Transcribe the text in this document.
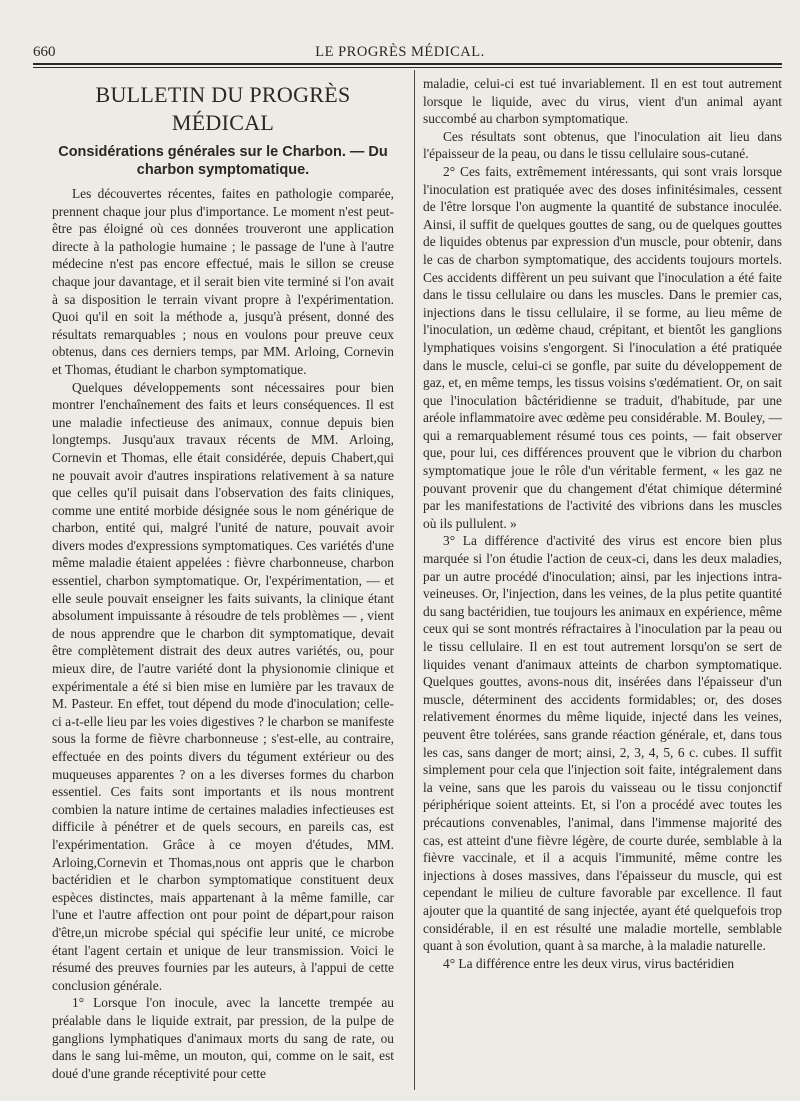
660	LE PROGRÈS MÉDICAL.
BULLETIN DU PROGRÈS MÉDICAL
Considérations générales sur le Charbon. — Du charbon symptomatique.

Les découvertes récentes, faites en pathologie comparée, prennent chaque jour plus d'importance. Le moment n'est peut-être pas éloigné où ces données trouveront une application directe à la pathologie humaine ; le passage de l'une à l'autre médecine n'est pas encore effectué, mais le sillon se creuse chaque jour davantage, et il serait bien vite terminé si l'on avait à sa disposition le terrain vivant propre à l'expérimentation. Quoi qu'il en soit la méthode a, jusqu'à présent, donné des résultats remarquables ; nous en voulons pour preuve ceux obtenus, dans ces derniers temps, par MM. Arloing, Cornevin et Thomas, étudiant le charbon symptomatique.

Quelques développements sont nécessaires pour bien montrer l'enchaînement des faits et leurs conséquences. Il est une maladie infectieuse des animaux, connue depuis bien longtemps. Jusqu'aux travaux récents de MM. Arloing, Cornevin et Thomas, elle était considérée, depuis Chabert,qui ne pouvait avoir d'autres inspirations relativement à sa nature que celles qu'il puisait dans l'observation des faits cliniques, comme une entité morbide désignée sous le nom générique de charbon, entité qui, malgré l'unité de nature, pouvait avoir divers modes d'expressions symptomatiques. Ces variétés d'une même maladie étaient appelées : fièvre charbonneuse, charbon essentiel, charbon symptomatique. Or, l'expérimentation, — et elle seule pouvait enseigner les faits suivants, la clinique étant absolument impuissante à résoudre de tels problèmes — , vient de nous apprendre que le charbon dit symptomatique, devait être complètement distrait des deux autres variétés, ou, pour mieux dire, de l'autre variété dont la physionomie clinique et expérimentale a été si bien mise en lumière par les travaux de M. Pasteur. En effet, tout dépend du mode d'inoculation; celle-ci a-t-elle lieu par les voies digestives ? le charbon se manifeste sous la forme de fièvre charbonneuse ; s'est-elle, au contraire, effectuée en des points divers du tégument extérieur ou des muqueuses apparentes ? on a les diverses formes du charbon essentiel. Ces faits sont importants et ils nous montrent combien la nature intime de certaines maladies infectieuses est difficile à pénétrer et de quels secours, en pareils cas, est l'expérimentation. Grâce à ce moyen d'études, MM. Arloing,Cornevin et Thomas,nous ont appris que le charbon bactéridien et le charbon symptomatique constituent deux espèces distinctes, mais appartenant à la même famille, car l'une et l'autre affection ont pour point de départ,pour raison d'être,un microbe spécial qui spécifie leur unité, ce microbe étant l'agent certain et unique de leur transmission. Voici le résumé des preuves fournies par les auteurs, à l'appui de cette conclusion générale.

1° Lorsque l'on inocule, avec la lancette trempée au préalable dans le liquide extrait, par pression, de la pulpe de ganglions lymphatiques d'animaux morts du sang de rate, ou dans le sang lui-même, un mouton, qui, comme on le sait, est doué d'une grande réceptivité pour cette

maladie, celui-ci est tué invariablement. Il en est tout autrement lorsque le liquide, avec du virus, vient d'un animal ayant succombé au charbon symptomatique.

Ces résultats sont obtenus, que l'inoculation ait lieu dans l'épaisseur de la peau, ou dans le tissu cellulaire sous-cutané.

2° Ces faits, extrêmement intéressants, qui sont vrais lorsque l'inoculation est pratiquée avec des doses infinitésimales, cessent de l'être lorsque l'on augmente la quantité de substance inoculée. Ainsi, il suffit de quelques gouttes de sang, ou de quelques gouttes de liquides obtenus par expression d'un muscle, pour obtenir, dans le cas de charbon symptomatique, des accidents toujours mortels. Ces accidents diffèrent un peu suivant que l'inoculation a été faite dans le tissu cellulaire ou dans les muscles. Dans le premier cas, injections dans le tissu cellulaire, il se forme, au lieu même de l'inoculation, un œdème chaud, crépitant, et bientôt les ganglions lymphatiques voisins s'engorgent. Si l'inoculation a été pratiquée dans le muscle, celui-ci se gonfle, par suite du développement de gaz, et, en même temps, les tissus voisins s'œdématient. Or, on sait que l'inoculation bâctéridienne se traduit, d'habitude, par une aréole inflammatoire avec œdème peu considérable. M. Bouley, — qui a remarquablement résumé tous ces points, — fait observer que, pour lui, ces différences prouvent que le vibrion du charbon symptomatique joue le rôle d'un véritable ferment, « les gaz ne pouvant provenir que du changement d'état chimique déterminé par les manifestations de l'activité des vibrions dans les muscles où ils pullulent. »

3° La différence d'activité des virus est encore bien plus marquée si l'on étudie l'action de ceux-ci, dans les deux maladies, par un autre procédé d'inoculation; ainsi, par les injections intra-veineuses. Or, l'injection, dans les veines, de la plus petite quantité du sang bactéridien, tue toujours les animaux en expérience, même ceux qui se sont montrés réfractaires à l'inoculation par la peau ou le tissu cellulaire. Il en est tout autrement lorsqu'on se sert de liquides venant d'animaux atteints de charbon symptomatique. Quelques gouttes, avons-nous dit, insérées dans l'épaisseur d'un muscle, déterminent des accidents formidables; or, des doses relativement énormes du même liquide, injecté dans les veines, peuvent être tolérées, sans grande réaction générale, et, dans tous les cas, sans danger de mort; ainsi, 2, 3, 4, 5, 6 c. cubes. Il suffit simplement pour cela que l'injection soit faite, intégralement dans la veine, sans que les parois du vaisseau ou le tissu conjonctif périphérique soient atteints. Et, si l'on a procédé avec toutes les précautions convenables, l'animal, dans l'immense majorité des cas, est atteint d'une fièvre légère, de courte durée, semblable à la fièvre vaccinale, et il a acquis l'immunité, même contre les injections à doses massives, dans l'épaisseur du muscle, qui est cependant le milieu de culture favorable par excellence. Il faut ajouter que la quantité de sang injectée, ayant été quelquefois trop considérable, il en est résulté une maladie mortelle, semblable quant à son évolution, quant à sa marche, à la maladie naturelle.

4° La différence entre les deux virus, virus bactéridien
